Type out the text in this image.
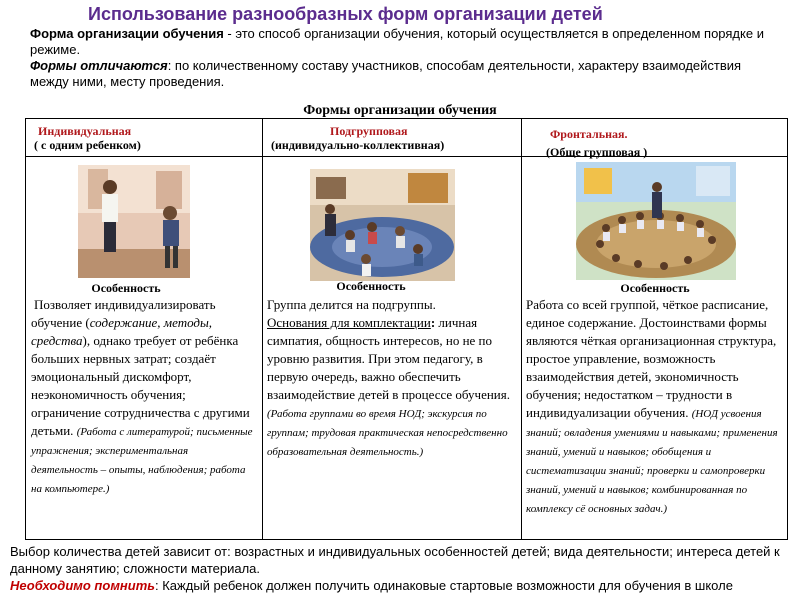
Использование разнообразных форм организации детей

Форма организации обучения - это способ организации обучения, который осуществляется в определенном порядке и режиме.

Формы отличаются: по количественному составу участников, способам деятельности, характеру взаимодействия между ними, месту проведения.

Формы организации обучения
Индивидуальная
( с одним ребенком)
Подгрупповая
(индивидуально-коллективная)
Фронтальная.
(Обще групповая )
Особенность	Особенность	Особенность
Позволяет индивидуализировать обучение (содержание, методы, средства), однако требует от ребёнка больших нервных затрат; создаёт эмоциональный дискомфорт, неэкономичность обучения; ограничение сотрудничества с другими детьми. (Работа с литературой; письменные упражнения; экспериментальная деятельность – опыты, наблюдения; работа на компьютере.)
Группа делится на подгруппы.
Основания для комплектации: личная симпатия, общность интересов, но не по уровню развития. При этом педагогу, в первую очередь, важно обеспечить взаимодействие детей в процессе обучения. (Работа группами во время НОД; экскурсия по группам; трудовая практическая непосредственно образовательная деятельность.)
Работа со всей группой, чёткое расписание, единое содержание. Достоинствами формы являются чёткая организационная структура, простое управление, возможность взаимодействия детей, экономичность обучения; недостатком – трудности в индивидуализации обучения. (НОД усвоения знаний; овладения умениями и навыками; применения знаний, умений и навыков; обобщения и систематизации знаний; проверки и самопроверки знаний, умений и навыков; комбинированная по комплексу сё основных задач.)

Выбор количества детей зависит от: возрастных и индивидуальных особенностей детей; вида деятельности; интереса детей к данному занятию; сложности материала.

Необходимо помнить: Каждый ребенок должен получить одинаковые стартовые возможности для обучения в школе
